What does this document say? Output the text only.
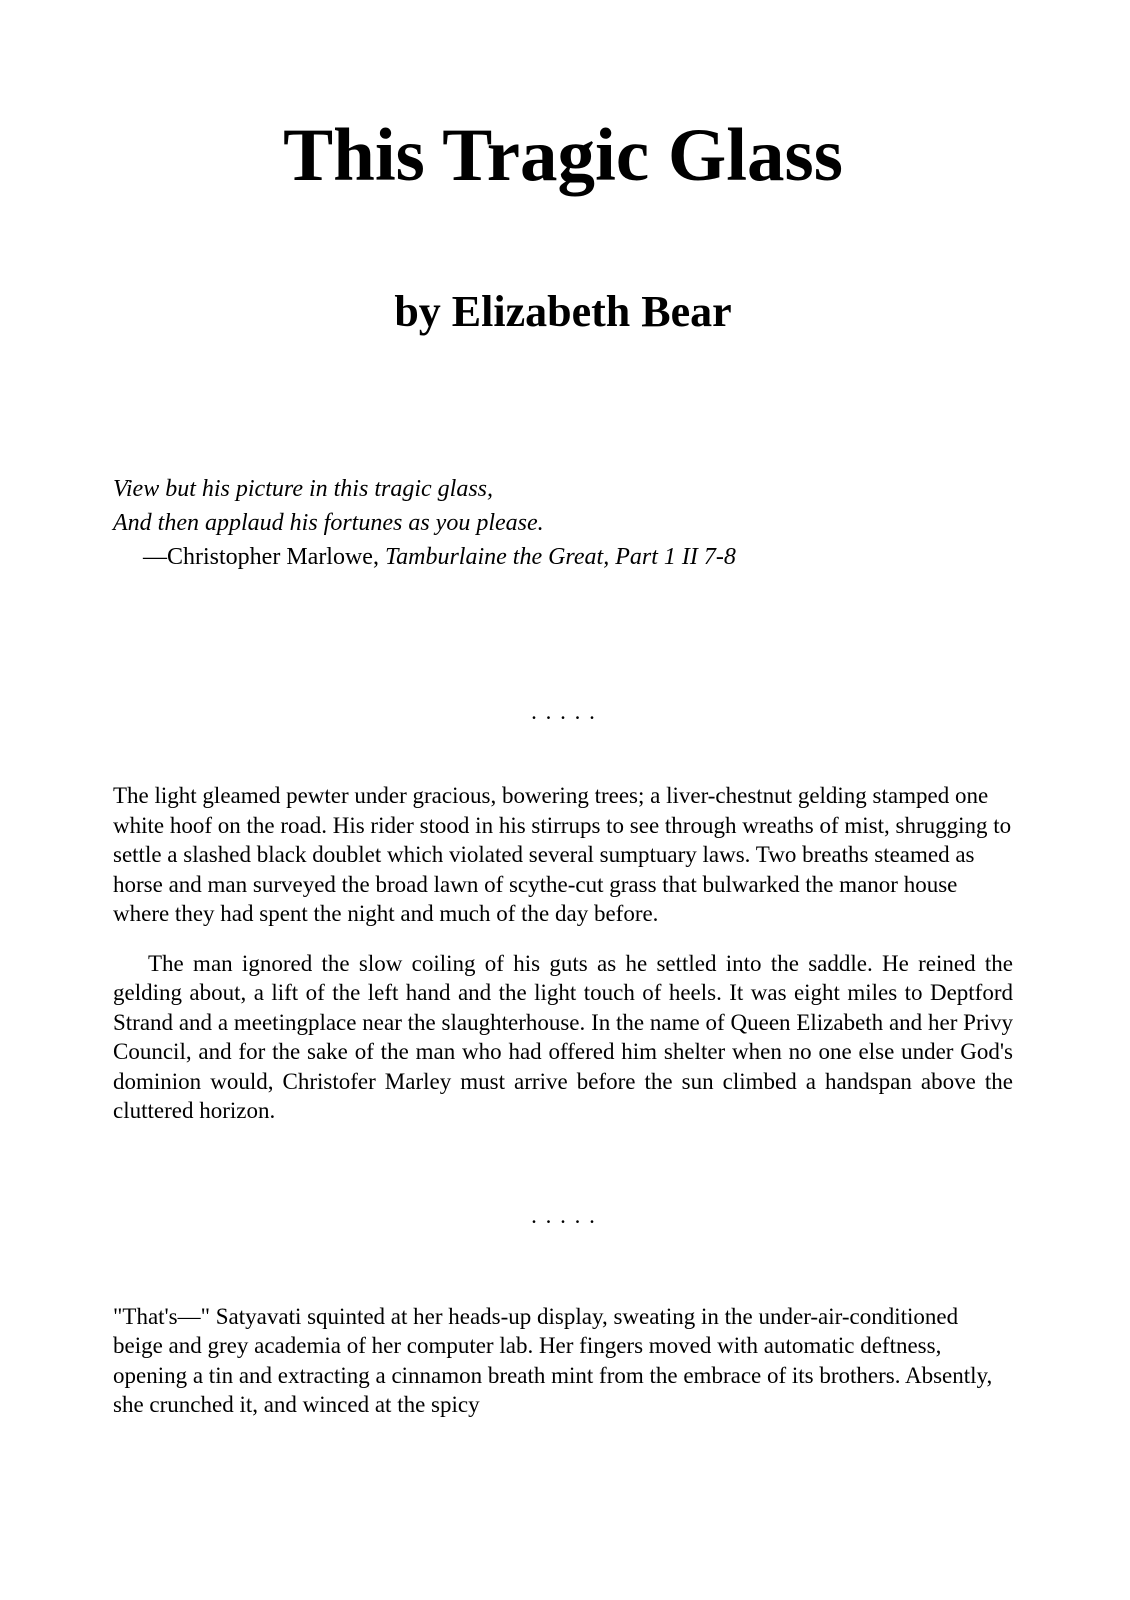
This Tragic Glass
by Elizabeth Bear
View but his picture in this tragic glass,
And then applaud his fortunes as you please.
—Christopher Marlowe, Tamburlaine the Great, Part 1 II 7-8
. . . . .

The light gleamed pewter under gracious, bowering trees; a liver-chestnut gelding stamped one white hoof on the road. His rider stood in his stirrups to see through wreaths of mist, shrugging to settle a slashed black doublet which violated several sumptuary laws. Two breaths steamed as horse and man surveyed the broad lawn of scythe-cut grass that bulwarked the manor house where they had spent the night and much of the day before.

The man ignored the slow coiling of his guts as he settled into the saddle. He reined the gelding about, a lift of the left hand and the light touch of heels. It was eight miles to Deptford Strand and a meetingplace near the slaughterhouse. In the name of Queen Elizabeth and her Privy Council, and for the sake of the man who had offered him shelter when no one else under God's dominion would, Christofer Marley must arrive before the sun climbed a handspan above the cluttered horizon.

. . . . .

"That's—" Satyavati squinted at her heads-up display, sweating in the under-air-conditioned beige and grey academia of her computer lab. Her fingers moved with automatic deftness, opening a tin and extracting a cinnamon breath mint from the embrace of its brothers. Absently, she crunched it, and winced at the spicy
